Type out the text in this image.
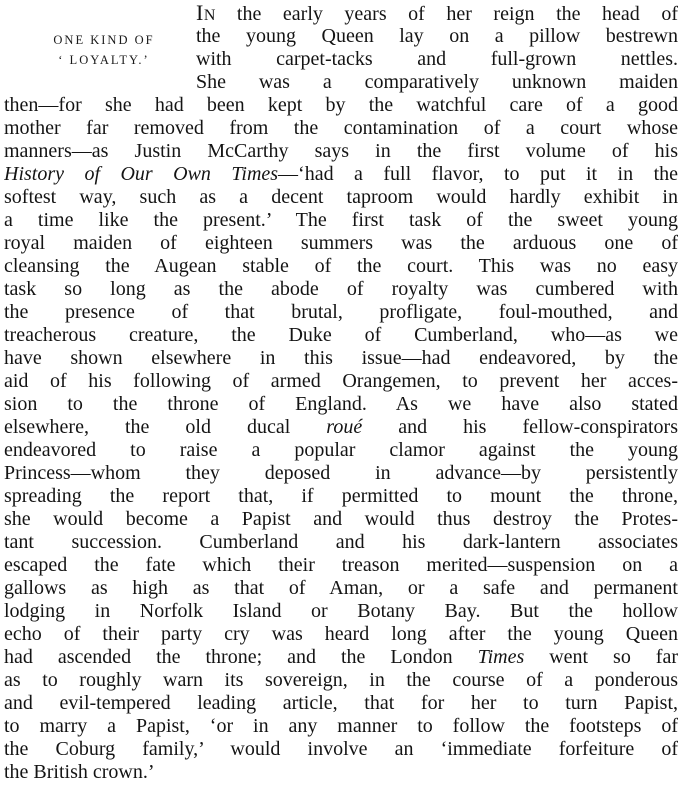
ONE KIND OF
‘ LOYALTY.’
IN the early years of her reign the head of
the young Queen lay on a pillow bestrewn
with carpet-tacks and full-grown nettles.
She was a comparatively unknown maiden
then—for she had been kept by the watchful care of a good
mother far removed from the contamination of a court whose
manners—as Justin McCarthy says in the first volume of his
History of Our Own Times—‘had a full flavor, to put it in the
softest way, such as a decent taproom would hardly exhibit in
a time like the present.’ The first task of the sweet young
royal maiden of eighteen summers was the arduous one of
cleansing the Augean stable of the court. This was no easy
task so long as the abode of royalty was cumbered with
the presence of that brutal, profligate, foul-mouthed, and
treacherous creature, the Duke of Cumberland, who—as we
have shown elsewhere in this issue—had endeavored, by the
aid of his following of armed Orangemen, to prevent her acces-
sion to the throne of England. As we have also stated
elsewhere, the old ducal roué and his fellow-conspirators
endeavored to raise a popular clamor against the young
Princess—whom they deposed in advance—by persistently
spreading the report that, if permitted to mount the throne,
she would become a Papist and would thus destroy the Protes-
tant succession. Cumberland and his dark-lantern associates
escaped the fate which their treason merited—suspension on a
gallows as high as that of Aman, or a safe and permanent
lodging in Norfolk Island or Botany Bay. But the hollow
echo of their party cry was heard long after the young Queen
had ascended the throne; and the London Times went so far
as to roughly warn its sovereign, in the course of a ponderous
and evil-tempered leading article, that for her to turn Papist,
to marry a Papist, ‘or in any manner to follow the footsteps of
the Coburg family,’ would involve an ‘immediate forfeiture of
the British crown.’
